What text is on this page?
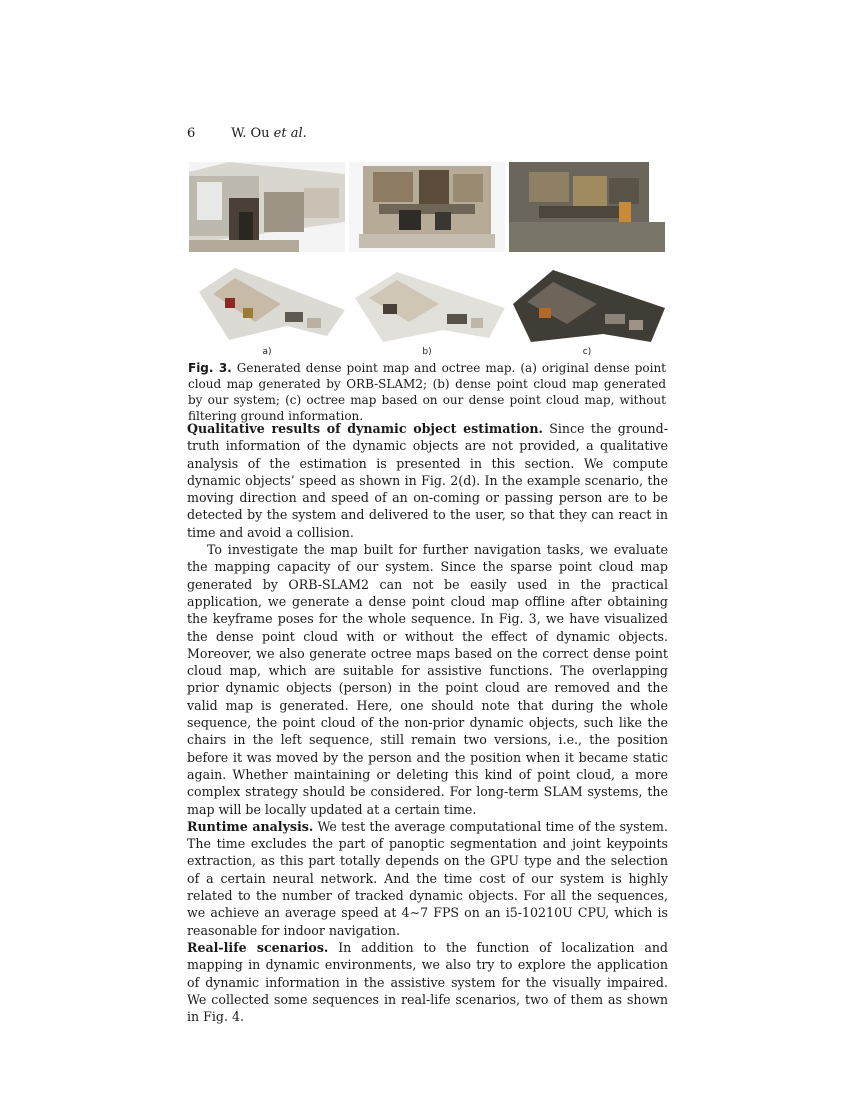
6	W. Ou et al.
a)	b)	c)
Fig. 3. Generated dense point map and octree map. (a) original dense point cloud map generated by ORB-SLAM2; (b) dense point cloud map generated by our system; (c) octree map based on our dense point cloud map, without filtering ground information.

Qualitative results of dynamic object estimation. Since the ground-truth information of the dynamic objects are not provided, a qualitative analysis of the estimation is presented in this section. We compute dynamic objects’ speed as shown in Fig. 2(d). In the example scenario, the moving direction and speed of an on-coming or passing person are to be detected by the system and delivered to the user, so that they can react in time and avoid a collision.

To investigate the map built for further navigation tasks, we evaluate the mapping capacity of our system. Since the sparse point cloud map generated by ORB-SLAM2 can not be easily used in the practical application, we generate a dense point cloud map offline after obtaining the keyframe poses for the whole sequence. In Fig. 3, we have visualized the dense point cloud with or without the effect of dynamic objects. Moreover, we also generate octree maps based on the correct dense point cloud map, which are suitable for assistive functions. The overlapping prior dynamic objects (person) in the point cloud are removed and the valid map is generated. Here, one should note that during the whole sequence, the point cloud of the non-prior dynamic objects, such like the chairs in the left sequence, still remain two versions, i.e., the position before it was moved by the person and the position when it became static again. Whether maintaining or deleting this kind of point cloud, a more complex strategy should be considered. For long-term SLAM systems, the map will be locally updated at a certain time.

Runtime analysis. We test the average computational time of the system. The time excludes the part of panoptic segmentation and joint keypoints extraction, as this part totally depends on the GPU type and the selection of a certain neural network. And the time cost of our system is highly related to the number of tracked dynamic objects. For all the sequences, we achieve an average speed at 4∼7 FPS on an i5-10210U CPU, which is reasonable for indoor navigation.

Real-life scenarios. In addition to the function of localization and mapping in dynamic environments, we also try to explore the application of dynamic information in the assistive system for the visually impaired. We collected some sequences in real-life scenarios, two of them as shown in Fig. 4.
